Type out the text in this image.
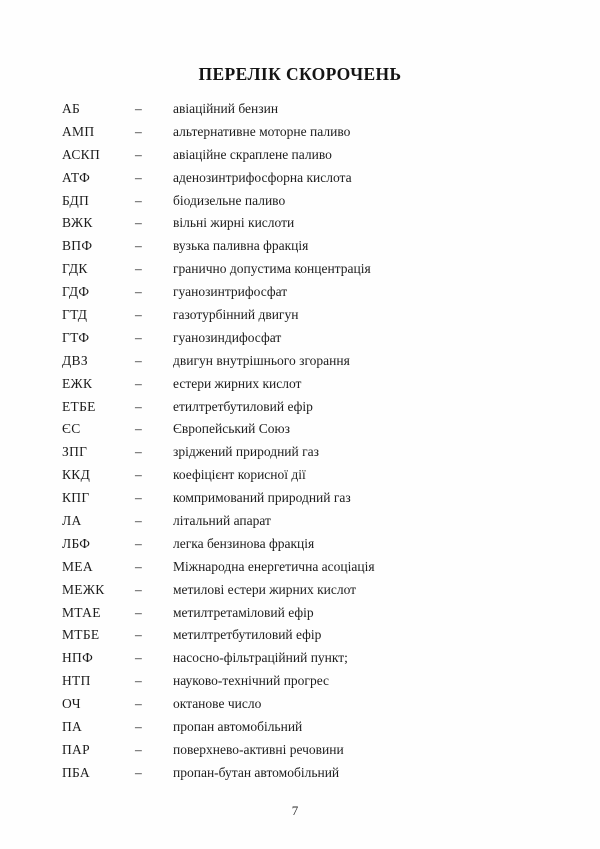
ПЕРЕЛІК СКОРОЧЕНЬ
АБ	–	авіаційний бензин
АМП	–	альтернативне моторне паливо
АСКП	–	авіаційне скраплене паливо
АТФ	–	аденозинтрифосфорна кислота
БДП	–	біодизельне паливо
ВЖК	–	вільні жирні кислоти
ВПФ	–	вузька паливна фракція
ГДК	–	гранично допустима концентрація
ГДФ	–	гуанозинтрифосфат
ГТД	–	газотурбінний двигун
ГТФ	–	гуанозиндифосфат
ДВЗ	–	двигун внутрішнього згорання
ЕЖК	–	естери жирних кислот
ЕТБЕ	–	етилтретбутиловий ефір
ЄС	–	Європейський Союз
ЗПГ	–	зріджений природний газ
ККД	–	коефіцієнт корисної дії
КПГ	–	компримований природний газ
ЛА	–	літальний апарат
ЛБФ	–	легка бензинова фракція
МЕА	–	Міжнародна енергетична асоціація
МЕЖК	–	метилові естери жирних кислот
МТАЕ	–	метилтретаміловий ефір
МТБЕ	–	метилтретбутиловий ефір
НПФ	–	насосно-фільтраційний пункт;
НТП	–	науково-технічний прогрес
ОЧ	–	октанове число
ПА	–	пропан автомобільний
ПАР	–	поверхнево-активні речовини
ПБА	–	пропан-бутан автомобільний
7
